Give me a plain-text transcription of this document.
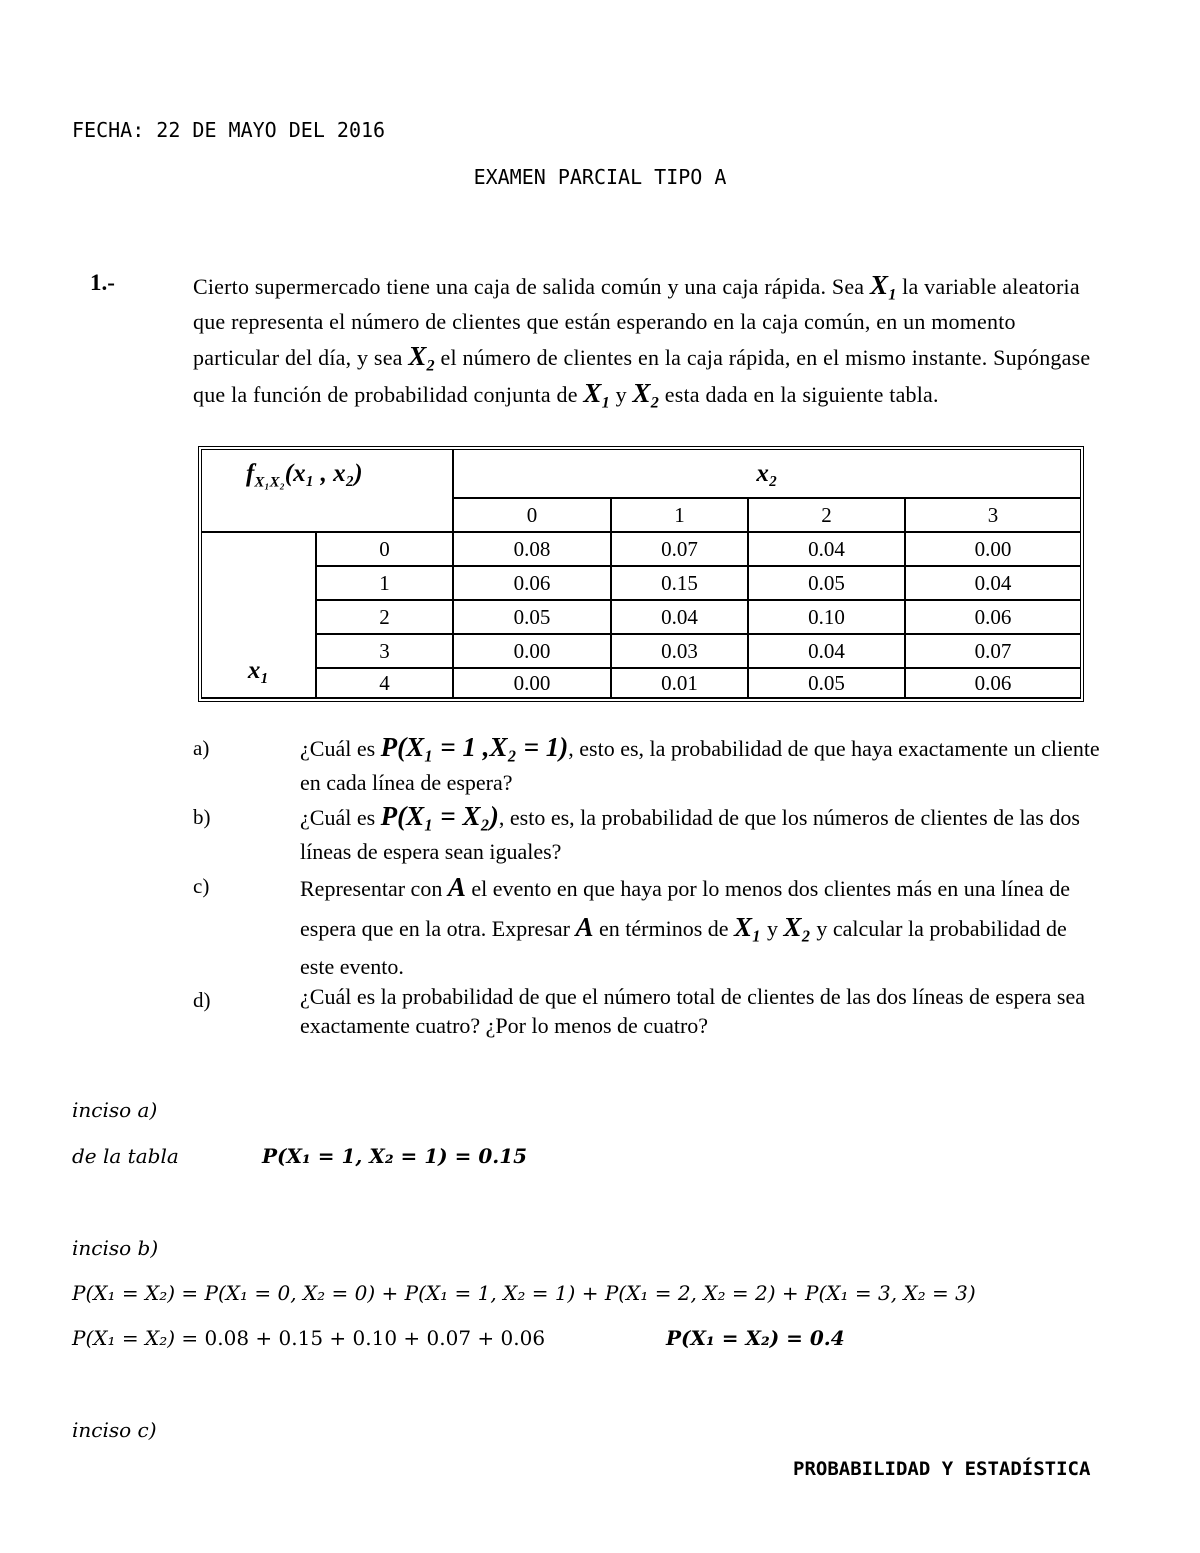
FECHA: 22 DE MAYO DEL 2016
EXAMEN PARCIAL TIPO A
1.-	Cierto supermercado tiene una caja de salida común y una caja rápida. Sea $X_1$ la variable aleatoria que representa el número de clientes que están esperando en la caja común, en un momento particular del día, y sea $X_2$ el número de clientes en la caja rápida, en el mismo instante. Supóngase que la función de probabilidad conjunta de $X_1$ y $X_2$ esta dada en la siguiente tabla.
$f_{X_1X_2}(x_1$ , x₂)		x₂			
		0	1	2	3
x₁	0	0.08	0.07	0.04	0.00
	1	0.06	0.15	0.05	0.04
	2	0.05	0.04	0.10	0.06
	3	0.00	0.03	0.04	0.07
	4	0.00	0.01	0.05	0.06
a)	¿Cuál es P(X₁ = 1 ,X₂ = 1), esto es, la probabilidad de que haya exactamente un cliente en cada línea de espera?
b)	¿Cuál es P(X₁ = X₂), esto es, la probabilidad de que los números de clientes de las dos líneas de espera sean iguales?
c)	Representar con A el evento en que haya por lo menos dos clientes más en una línea de espera que en la otra. Expresar A en términos de X₁ y X₂ y calcular la probabilidad de este evento.
d)	¿Cuál es la probabilidad de que el número total de clientes de las dos líneas de espera sea exactamente cuatro? ¿Por lo menos de cuatro?
inciso a)
de la tabla	P(X₁ = 1, X₂ = 1) = 0.15
inciso b)
P(X₁ = X₂) = P(X₁ = 0, X₂ = 0) + P(X₁ = 1, X₂ = 1) + P(X₁ = 2, X₂ = 2) + P(X₁ = 3, X₂ = 3)
P(X₁ = X₂) = 0.08 + 0.15 + 0.10 + 0.07 + 0.06	P(X₁ = X₂) = 0.4
inciso c)
PROBABILIDAD Y ESTADÍSTICA
